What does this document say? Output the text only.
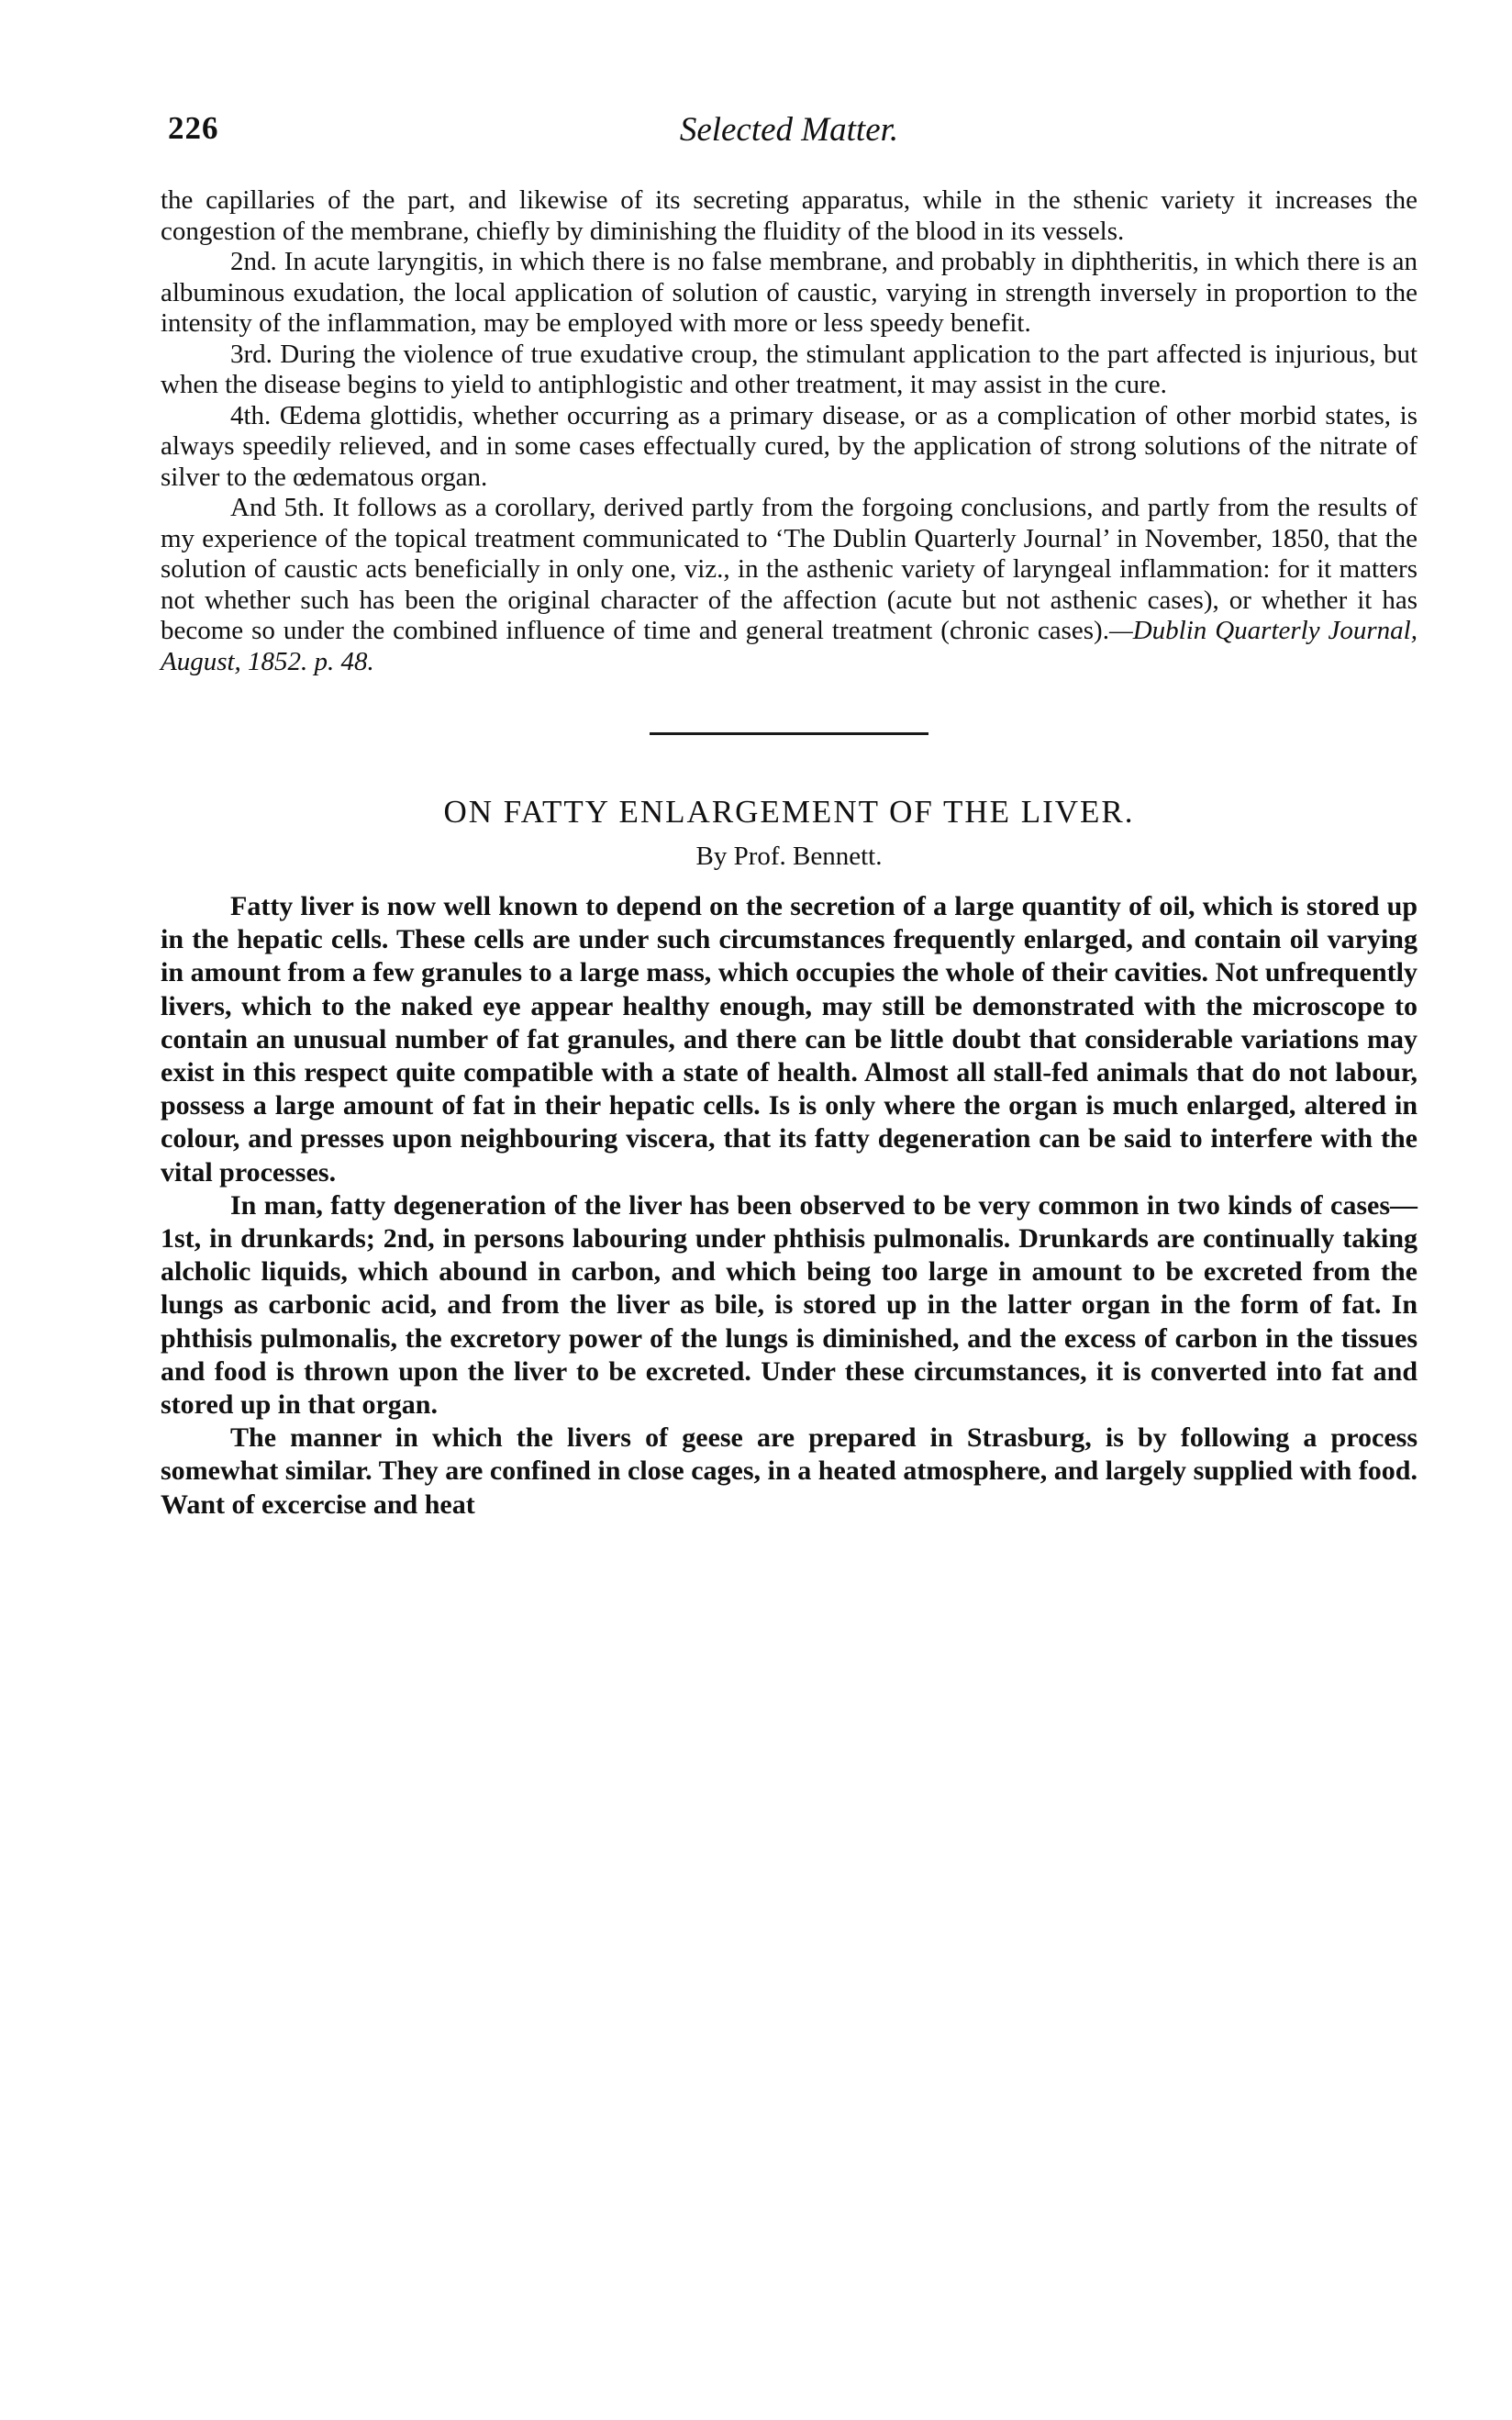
226	Selected Matter.

the capillaries of the part, and likewise of its secreting apparatus, while in the sthenic variety it increases the congestion of the membrane, chiefly by diminishing the fluidity of the blood in its vessels.

2nd. In acute laryngitis, in which there is no false membrane, and probably in diphtheritis, in which there is an albuminous exudation, the local application of solution of caustic, varying in strength inversely in proportion to the intensity of the inflammation, may be employed with more or less speedy benefit.

3rd. During the violence of true exudative croup, the stimulant application to the part affected is injurious, but when the disease begins to yield to antiphlogistic and other treatment, it may assist in the cure.

4th. Œdema glottidis, whether occurring as a primary disease, or as a complication of other morbid states, is always speedily relieved, and in some cases effectually cured, by the application of strong solutions of the nitrate of silver to the œdematous organ.

And 5th. It follows as a corollary, derived partly from the forgoing conclusions, and partly from the results of my experience of the topical treatment communicated to ‘The Dublin Quarterly Journal’ in November, 1850, that the solution of caustic acts beneficially in only one, viz., in the asthenic variety of laryngeal inflammation: for it matters not whether such has been the original character of the affection (acute but not asthenic cases), or whether it has become so under the combined influence of time and general treatment (chronic cases).—Dublin Quarterly Journal, August, 1852. p. 48.

ON FATTY ENLARGEMENT OF THE LIVER.
By Prof. Bennett.

Fatty liver is now well known to depend on the secretion of a large quantity of oil, which is stored up in the hepatic cells. These cells are under such circumstances frequently enlarged, and contain oil varying in amount from a few granules to a large mass, which occupies the whole of their cavities. Not unfrequently livers, which to the naked eye appear healthy enough, may still be demonstrated with the microscope to contain an unusual number of fat granules, and there can be little doubt that considerable variations may exist in this respect quite compatible with a state of health. Almost all stall-fed animals that do not labour, possess a large amount of fat in their hepatic cells. Is is only where the organ is much enlarged, altered in colour, and presses upon neighbouring viscera, that its fatty degeneration can be said to interfere with the vital processes.

In man, fatty degeneration of the liver has been observed to be very common in two kinds of cases—1st, in drunkards; 2nd, in persons labouring under phthisis pulmonalis. Drunkards are continually taking alcholic liquids, which abound in carbon, and which being too large in amount to be excreted from the lungs as carbonic acid, and from the liver as bile, is stored up in the latter organ in the form of fat. In phthisis pulmonalis, the excretory power of the lungs is diminished, and the excess of carbon in the tissues and food is thrown upon the liver to be excreted. Under these circumstances, it is converted into fat and stored up in that organ.

The manner in which the livers of geese are prepared in Strasburg, is by following a process somewhat similar. They are confined in close cages, in a heated atmosphere, and largely supplied with food. Want of excercise and heat
